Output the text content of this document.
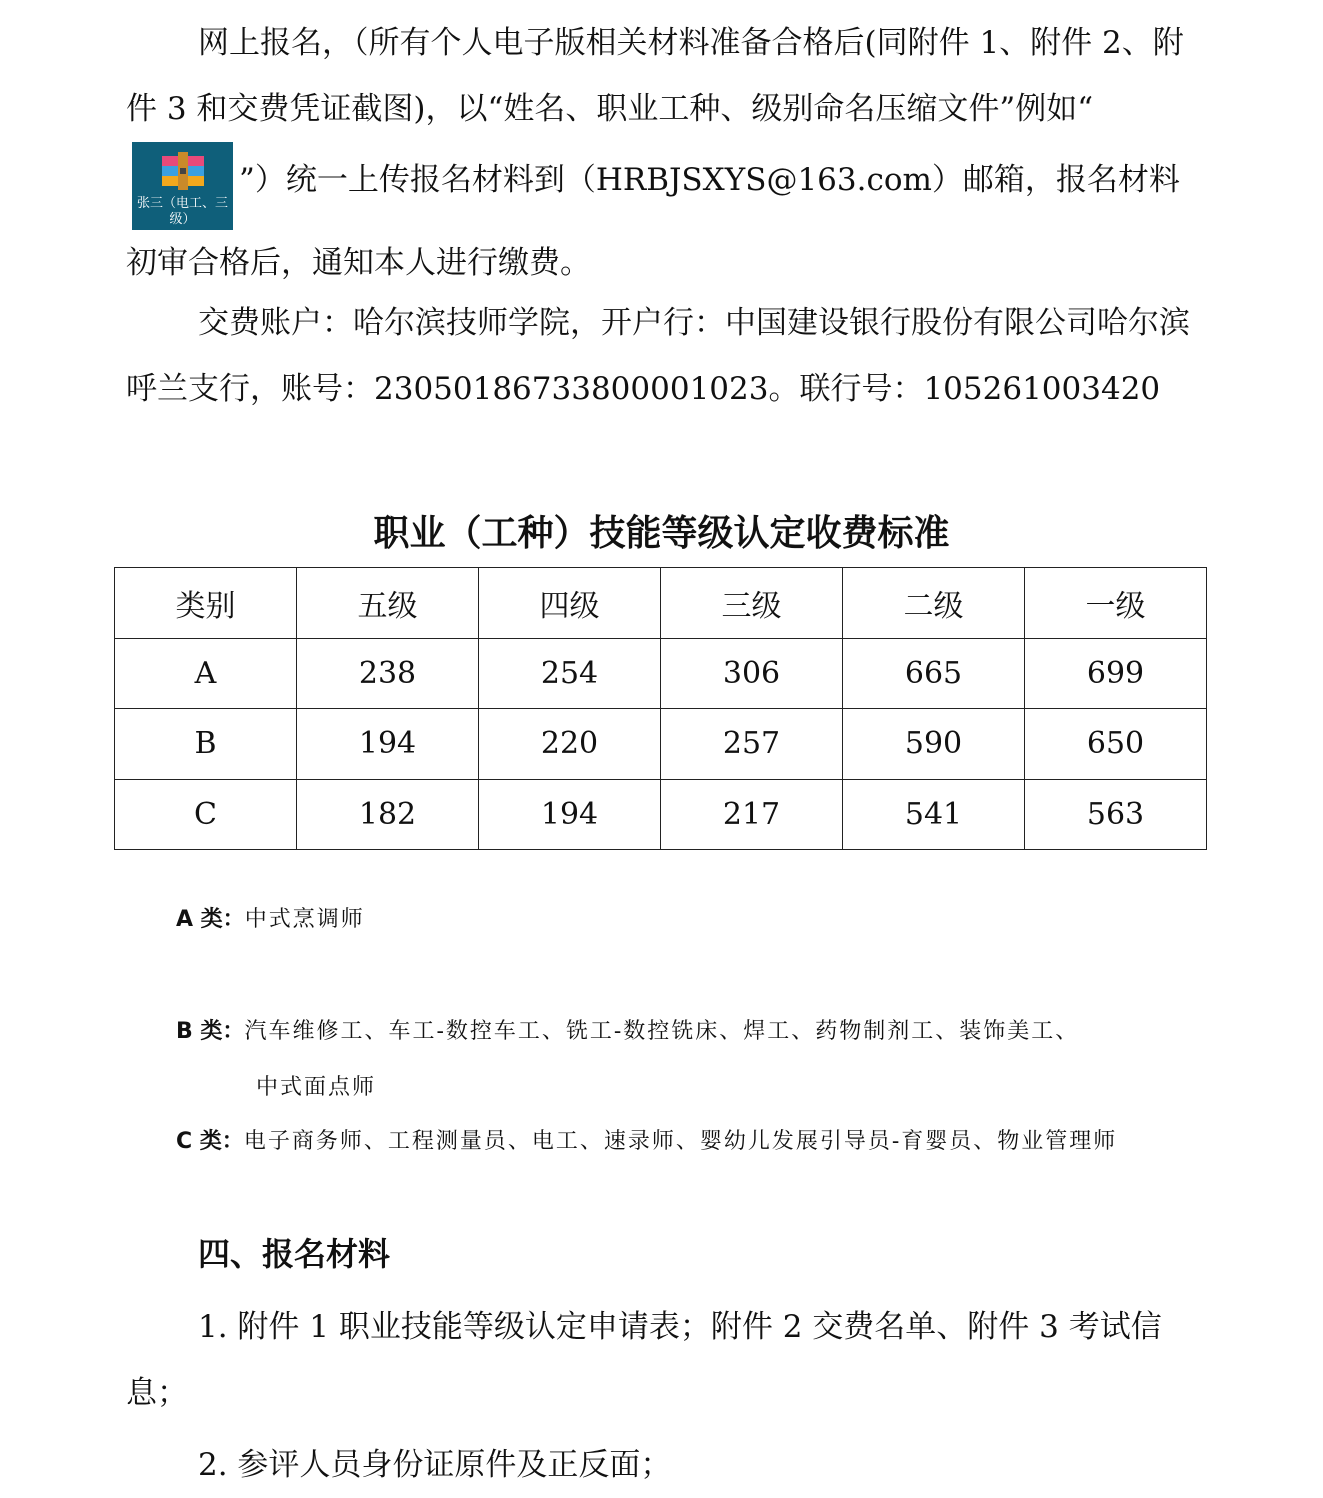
网上报名，（所有个人电子版相关材料准备合格后(同附件 1、附件 2、附件 3 和交费凭证截图)，以“姓名、职业工种、级别命名压缩文件”例如“
张三（电工、三级）
”）统一上传报名材料到（HRBJSXYS@163.com）邮箱，报名材料初审合格后，通知本人进行缴费。

交费账户：哈尔滨技师学院，开户行：中国建设银行股份有限公司哈尔滨呼兰支行，账号：23050186733800001023。联行号：105261003420

职业（工种）技能等级认定收费标准
类别	五级	四级	三级	二级	一级
A	238	254	306	665	699
B	194	220	257	590	650
C	182	194	217	541	563

A 类：中式烹调师

B 类：汽车维修工、车工-数控车工、铣工-数控铣床、焊工、药物制剂工、装饰美工、
中式面点师

C 类：电子商务师、工程测量员、电工、速录师、婴幼儿发展引导员-育婴员、物业管理师

四、报名材料

1. 附件 1 职业技能等级认定申请表；附件 2 交费名单、附件 3 考试信息；

2. 参评人员身份证原件及正反面；
